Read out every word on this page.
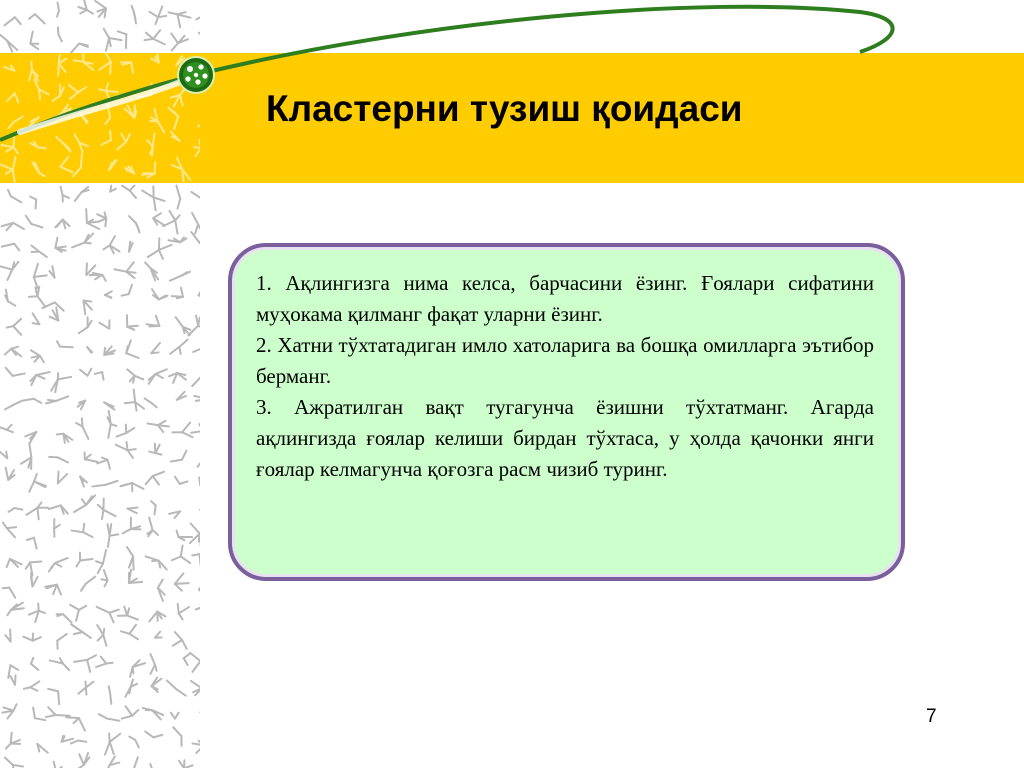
Кластерни тузиш қоидаси

1. Ақлингизга нима келса, барчасини ёзинг. Ғоялари сифатини муҳокама қилманг фақат уларни ёзинг.

2. Хатни тўхтатадиган имло хатоларига ва бошқа омилларга эътибор берманг.

3. Ажратилган вақт тугагунча ёзишни тўхтатманг. Агарда ақлингизда ғоялар келиши бирдан тўхтаса, у ҳолда қачонки янги ғоялар келмагунча қоғозга расм чизиб туринг.

7
